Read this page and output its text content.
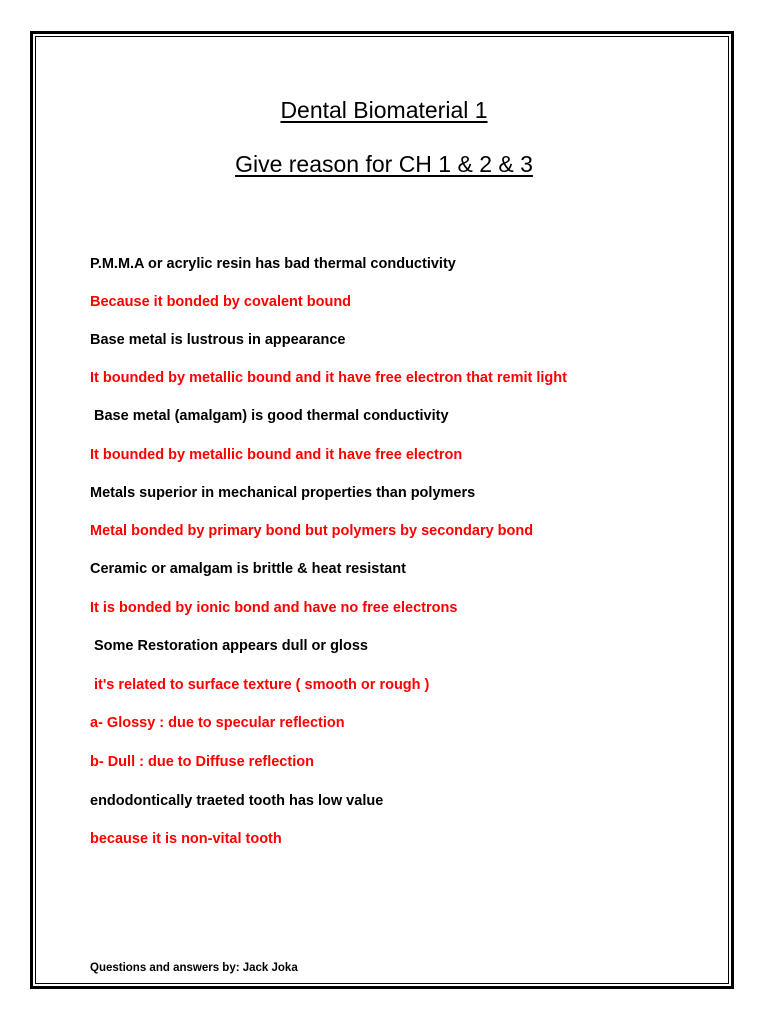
Dental Biomaterial 1
Give reason for CH 1 & 2 & 3
P.M.M.A or acrylic resin has bad thermal conductivity
Because it bonded by covalent bound
Base metal is lustrous in appearance
It bounded by metallic bound and it have free electron that remit light
Base metal (amalgam) is good thermal conductivity
It bounded by metallic bound and it have free electron
Metals superior in mechanical properties than polymers
Metal bonded by primary bond but polymers by secondary bond
Ceramic or amalgam is brittle & heat resistant
It is bonded by ionic bond and have no free electrons
Some Restoration appears dull or gloss
it's related to surface texture ( smooth or rough )
a- Glossy : due to specular reflection
b- Dull : due to Diffuse reflection
endodontically traeted tooth has low value
because it is non-vital tooth
Questions and answers by: Jack Joka
